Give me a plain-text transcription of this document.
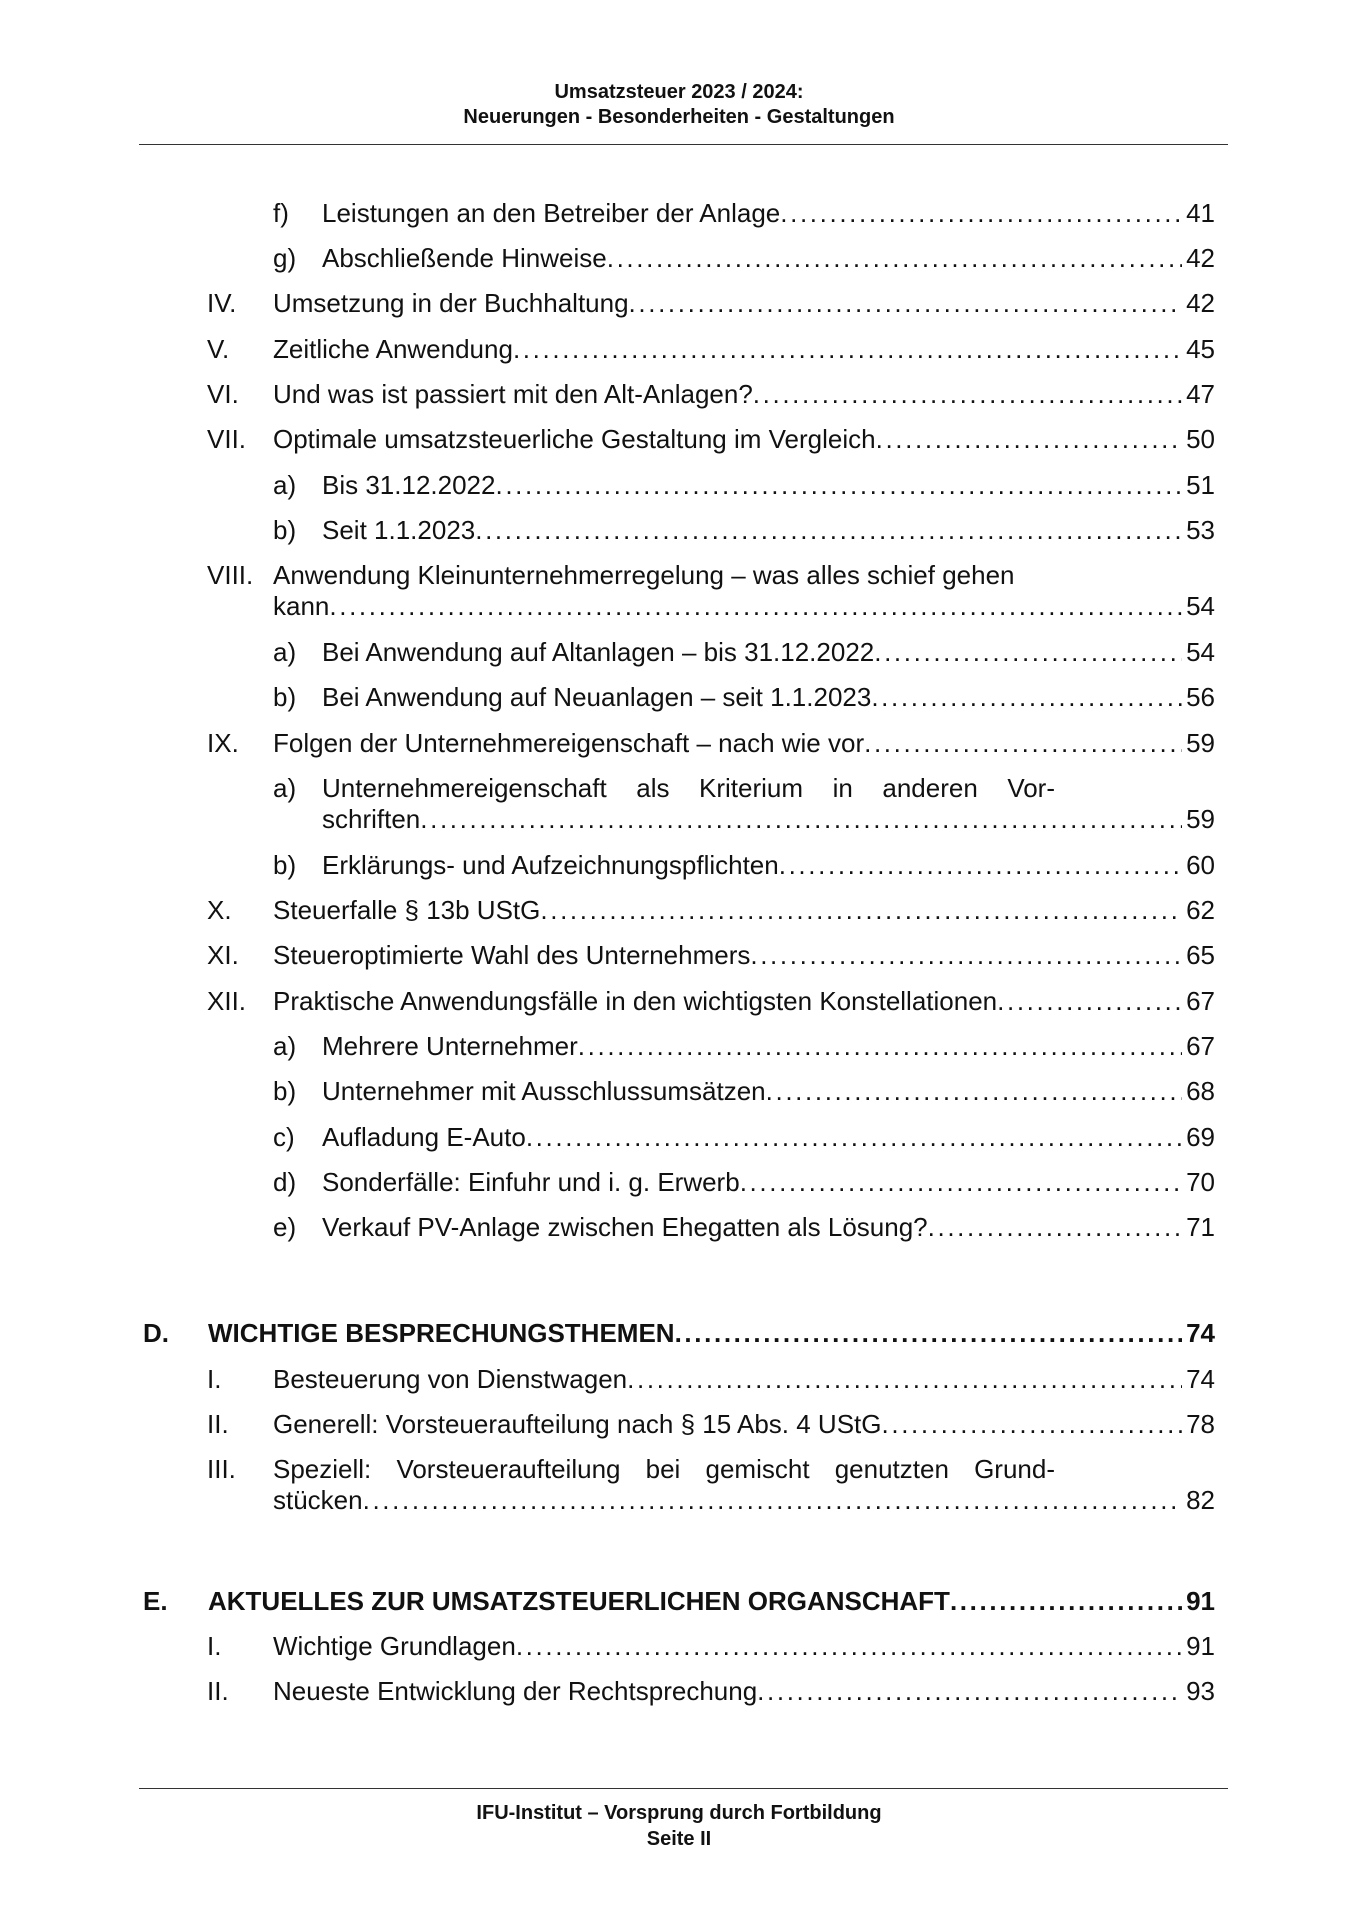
Umsatzsteuer 2023 / 2024:
Neuerungen - Besonderheiten - Gestaltungen
f) Leistungen an den Betreiber der Anlage . . .	41
g) Abschließende Hinweise . . .	42
IV. Umsetzung in der Buchhaltung . . .	42
V. Zeitliche Anwendung . . .	45
VI. Und was ist passiert mit den Alt-Anlagen? . . .	47
VII. Optimale umsatzsteuerliche Gestaltung im Vergleich . . .	50
a) Bis 31.12.2022 . . .	51
b) Seit 1.1.2023 . . .	53
VIII. Anwendung Kleinunternehmerregelung – was alles schief gehen
kann . . .	54
a) Bei Anwendung auf Altanlagen – bis 31.12.2022 . . .	54
b) Bei Anwendung auf Neuanlagen – seit 1.1.2023 . . .	56
IX. Folgen der Unternehmereigenschaft – nach wie vor . . .	59
a) Unternehmereigenschaft als Kriterium in anderen Vor-
schriften . . .	59
b) Erklärungs- und Aufzeichnungspflichten . . .	60
X. Steuerfalle § 13b UStG . . .	62
XI. Steueroptimierte Wahl des Unternehmers . . .	65
XII. Praktische Anwendungsfälle in den wichtigsten Konstellationen . . .	67
a) Mehrere Unternehmer . . .	67
b) Unternehmer mit Ausschlussumsätzen . . .	68
c) Aufladung E-Auto . . .	69
d) Sonderfälle: Einfuhr und i. g. Erwerb . . .	70
e) Verkauf PV-Anlage zwischen Ehegatten als Lösung? . . .	71
D. WICHTIGE BESPRECHUNGSTHEMEN . . .	74
I. Besteuerung von Dienstwagen . . .	74
II. Generell: Vorsteueraufteilung nach § 15 Abs. 4 UStG . . .	78
III. Speziell: Vorsteueraufteilung bei gemischt genutzten Grund-
stücken . . .	82
E. AKTUELLES ZUR UMSATZSTEUERLICHEN ORGANSCHAFT . . .	91
I. Wichtige Grundlagen . . .	91
II. Neueste Entwicklung der Rechtsprechung . . .	93
IFU-Institut – Vorsprung durch Fortbildung
Seite II
